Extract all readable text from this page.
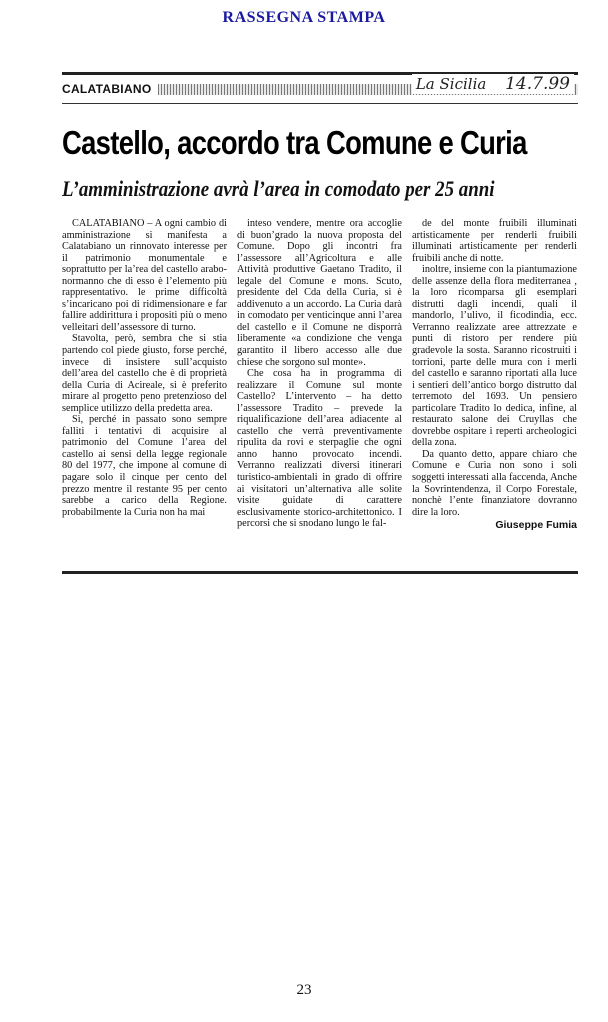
RASSEGNA STAMPA
CALATABIANO	La Sicilia 14.7.99
Castello, accordo tra Comune e Curia
L’amministrazione avrà l’area in comodato per 25 anni

CALATABIANO – A ogni cambio di amministrazione si manifesta a Calatabiano un rinnovato interesse per il patrimonio monumentale e soprattutto per la’rea del castello arabo-normanno che di esso è l’elemento più rappresentativo. le prime difficoltà s’incaricano poi di ridimensionare e far fallire addirittura i propositi più o meno velleitari dell’assessore di turno.

Stavolta, però, sembra che si stia partendo col piede giusto, forse perché, invece di insistere sull’acquisto dell’area del castello che è di proprietà della Curia di Acireale, si è preferito mirare al progetto peno pretenzioso del semplice utilizzo della predetta area.

Sì, perché in passato sono sempre falliti i tentativi di acquisire al patrimonio del Comune l’area del castello ai sensi della legge regionale 80 del 1977, che impone al comune di pagare solo il cinque per cento del prezzo mentre il restante 95 per cento sarebbe a carico della Regione. probabilmente la Curia non ha mai

inteso vendere, mentre ora accoglie di buon’grado la nuova proposta del Comune. Dopo gli incontri fra l’assessore all’Agricoltura e alle Attività produttive Gaetano Tradito, il legale del Comune e mons. Scuto, presidente del Cda della Curia, si è addivenuto a un accordo. La Curia darà in comodato per venticinque anni l’area del castello e il Comune ne disporrà liberamente «a condizione che venga garantito il libero accesso alle due chiese che sorgono sul monte».

Che cosa ha in programma di realizzare il Comune sul monte Castello? L’intervento – ha detto l’assessore Tradito – prevede la riqualificazione dell’area adiacente al castello che verrà preventivamente ripulita da rovi e sterpaglie che ogni anno hanno provocato incendi. Verranno realizzati diversi itinerari turistico-ambientali in grado di offrire ai visitatori un’alternativa alle solite visite guidate di carattere esclusivamente storico-architettonico. I percorsi che si snodano lungo le fal-

de del monte fruibili illuminati artisticamente per renderli fruibili illuminati artisticamente per renderli fruibili anche di notte.

inoltre, insieme con la piantumazione delle assenze della flora mediterranea , la loro ricomparsa gli esemplari distrutti dagli incendi, quali il mandorlo, l’ulivo, il ficodindia, ecc. Verranno realizzate aree attrezzate e punti di ristoro per rendere più gradevole la sosta. Saranno ricostruiti i torrioni, parte delle mura con i merli del castello e saranno riportati alla luce i sentieri dell’antico borgo distrutto dal terremoto del 1693. Un pensiero particolare Tradito lo dedica, infine, al restaurato salone dei Cruyllas che dovrebbe ospitare i reperti archeologici della zona.

Da quanto detto, appare chiaro che Comune e Curia non sono i soli soggetti interessati alla faccenda, Anche la Sovrintendenza, il Corpo Forestale, nonchè l’ente finanziatore dovranno dire la loro.

Giuseppe Fumia
23
